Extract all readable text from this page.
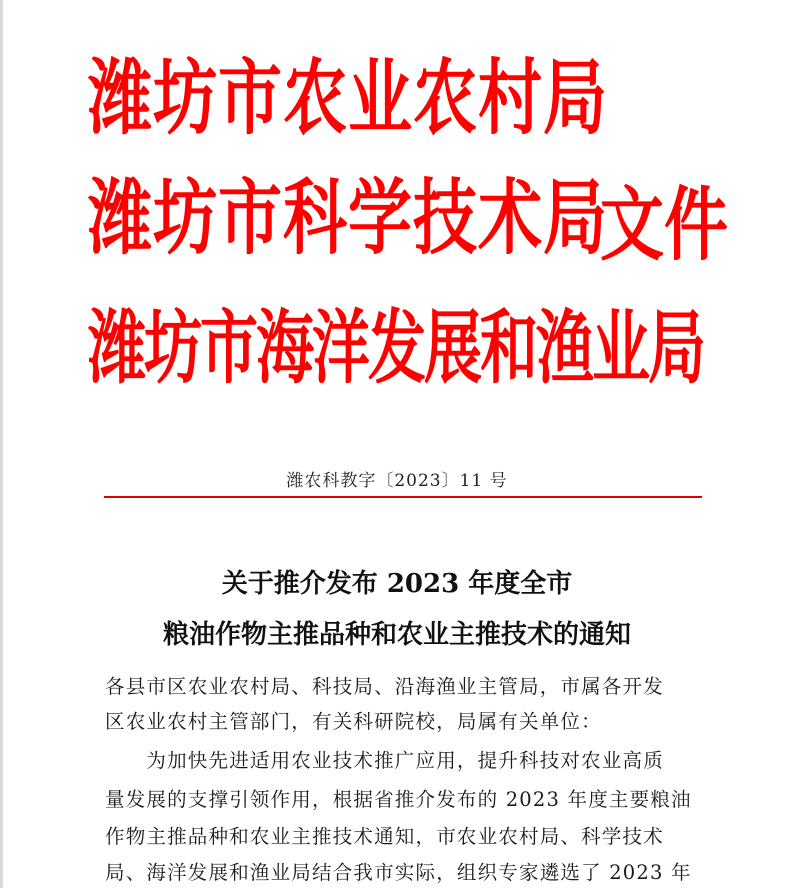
潍坊市农业农村局
潍坊市科学技术局
潍坊市海洋发展和渔业局
文件
潍农科教字〔2023〕11 号
关于推介发布 2023 年度全市
粮油作物主推品种和农业主推技术的通知
各县市区农业农村局、科技局、沿海渔业主管局，市属各开发
区农业农村主管部门，有关科研院校，局属有关单位：
　　为加快先进适用农业技术推广应用，提升科技对农业高质
量发展的支撑引领作用，根据省推介发布的 2023 年度主要粮油
作物主推品种和农业主推技术通知，市农业农村局、科学技术
局、海洋发展和渔业局结合我市实际，组织专家遴选了 2023 年
